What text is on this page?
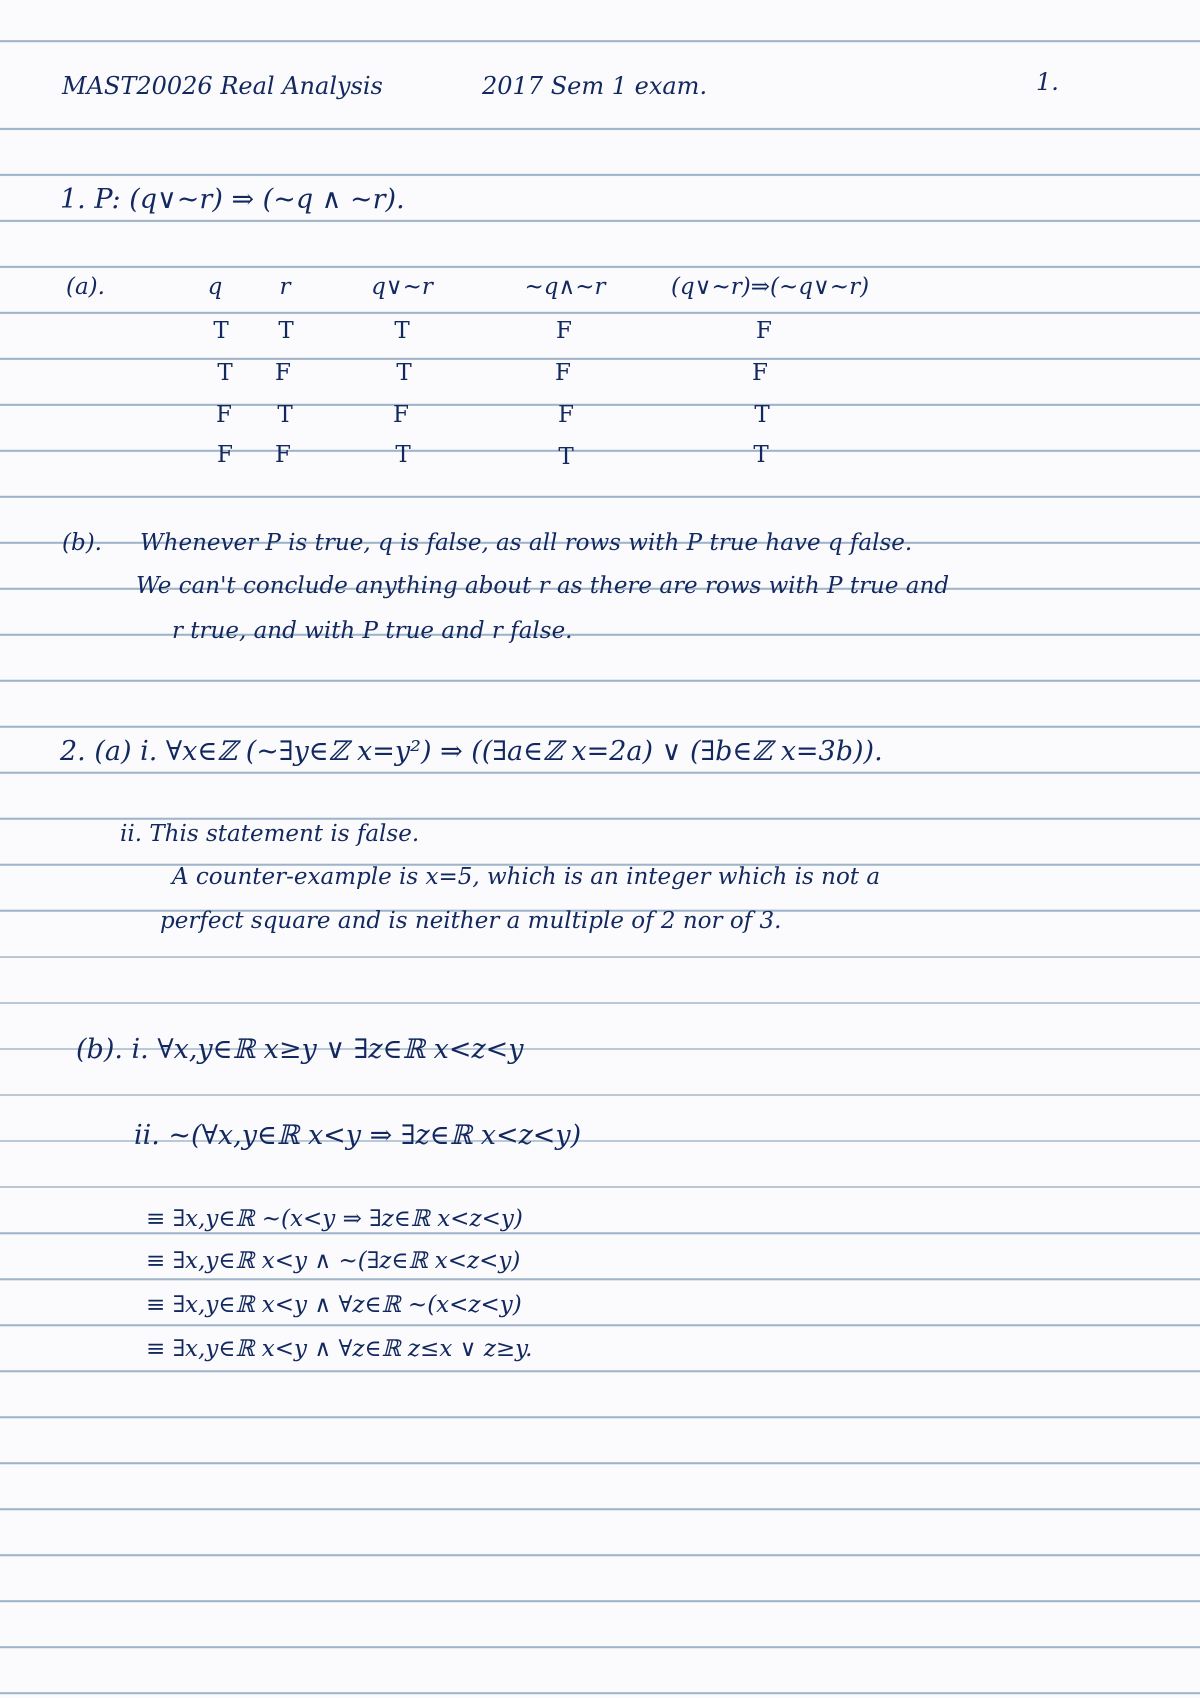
MAST20026 Real Analysis	2017 Sem 1 exam.	1.
1. P: (q∨~r) ⇒ (~q ∧ ~r).
(a).	q	r	q∨~r	~q∧~r	(q∨~r)⇒(~q∨~r)
T	T	T	F	F
T	F	T	F	F
F	T	F	F	T
F	F	T	T	T
(b). Whenever P is true, q is false, as all rows with P true have q false.
We can't conclude anything about r as there are rows with P true and
r true, and with P true and r false.
2. (a) i. ∀x∈ℤ (~∃y∈ℤ x=y²) ⇒ ((∃a∈ℤ x=2a) ∨ (∃b∈ℤ x=3b)).
ii. This statement is false.
A counter-example is x=5, which is an integer which is not a
perfect square and is neither a multiple of 2 nor of 3.
(b). i. ∀x,y∈ℝ x≥y ∨ ∃z∈ℝ x<z<y
ii. ~(∀x,y∈ℝ x<y ⇒ ∃z∈ℝ x<z<y)
≡ ∃x,y∈ℝ ~(x<y ⇒ ∃z∈ℝ x<z<y)
≡ ∃x,y∈ℝ x<y ∧ ~(∃z∈ℝ x<z<y)
≡ ∃x,y∈ℝ x<y ∧ ∀z∈ℝ ~(x<z<y)
≡ ∃x,y∈ℝ x<y ∧ ∀z∈ℝ z≤x ∨ z≥y.
